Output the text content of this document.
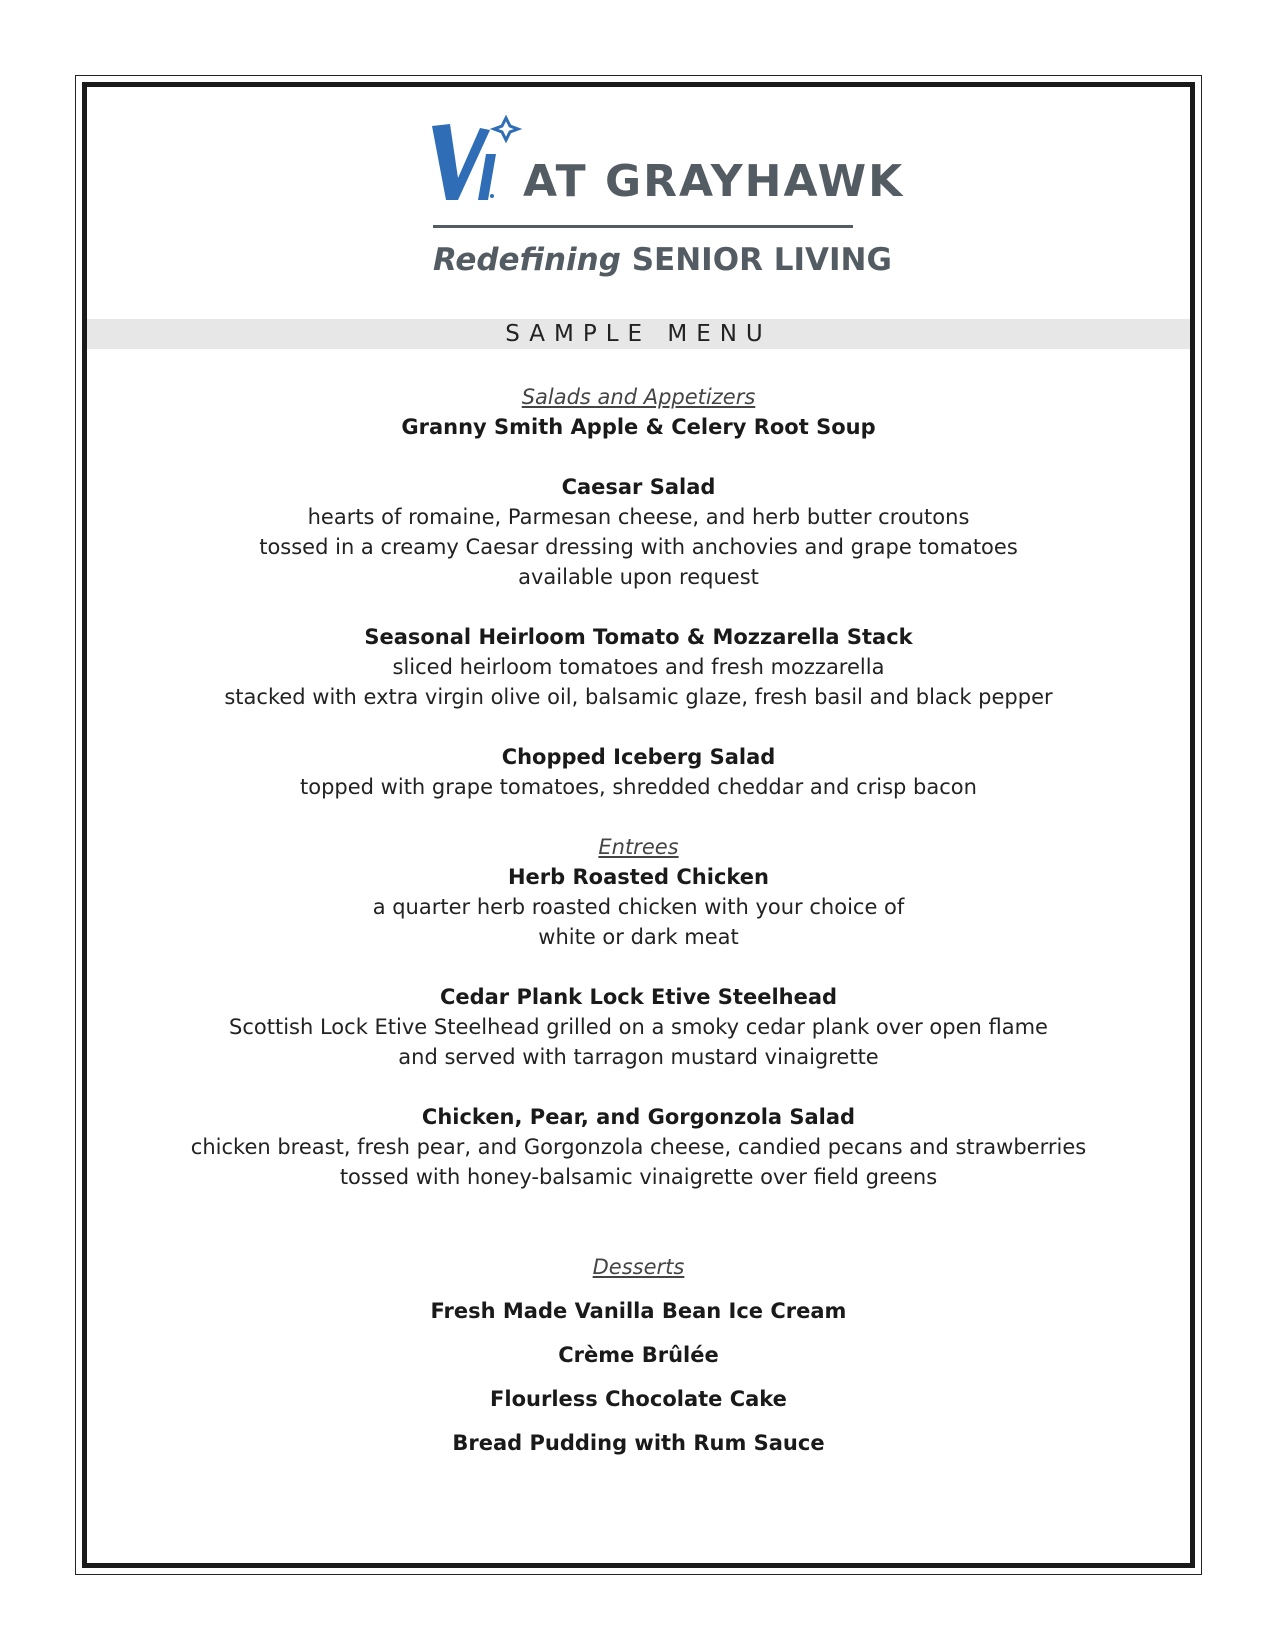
AT GRAYHAWK
Redefining SENIOR LIVING
SAMPLE MENU
Salads and Appetizers
Granny Smith Apple & Celery Root Soup
Caesar Salad
hearts of romaine, Parmesan cheese, and herb butter croutons
tossed in a creamy Caesar dressing with anchovies and grape tomatoes
available upon request
Seasonal Heirloom Tomato & Mozzarella Stack
sliced heirloom tomatoes and fresh mozzarella
stacked with extra virgin olive oil, balsamic glaze, fresh basil and black pepper
Chopped Iceberg Salad
topped with grape tomatoes, shredded cheddar and crisp bacon
Entrees
Herb Roasted Chicken
a quarter herb roasted chicken with your choice of
white or dark meat
Cedar Plank Lock Etive Steelhead
Scottish Lock Etive Steelhead grilled on a smoky cedar plank over open flame
and served with tarragon mustard vinaigrette
Chicken, Pear, and Gorgonzola Salad
chicken breast, fresh pear, and Gorgonzola cheese, candied pecans and strawberries
tossed with honey-balsamic vinaigrette over field greens
Desserts
Fresh Made Vanilla Bean Ice Cream
Crème Brûlée
Flourless Chocolate Cake
Bread Pudding with Rum Sauce
